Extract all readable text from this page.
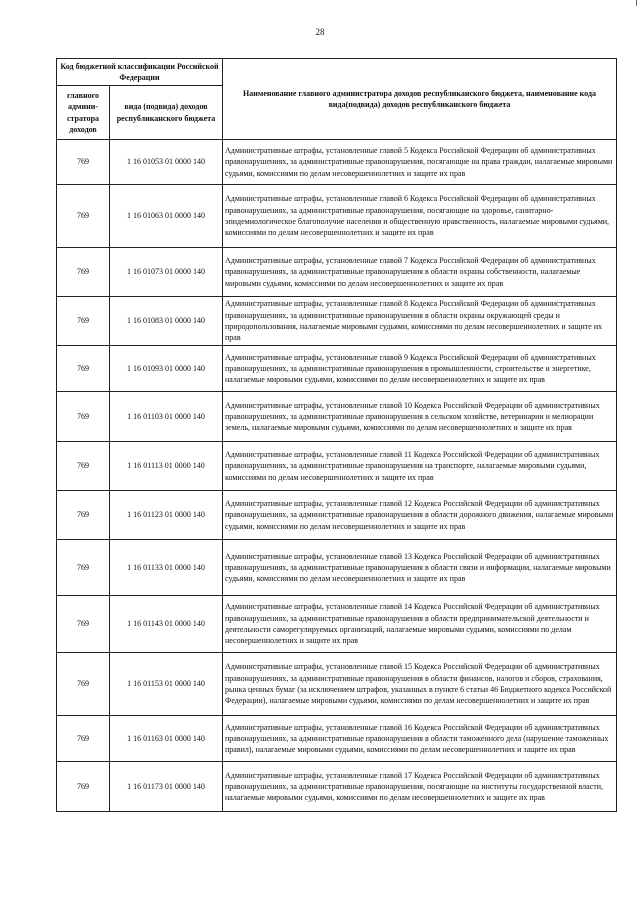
28
Код бюджетной классификации Российской Федерации		Наименование главного администратора доходов республиканского бюджета, наименование кода вида(подвида) доходов республиканского бюджета
главного админи-стратора доходов	вида (подвида) доходов республиканского бюджета	
769	1 16 01053 01 0000 140	Административные штрафы, установленные главой 5 Кодекса Российской Федерации об административных правонарушениях, за административные правонарушения, посягающие на права граждан, налагаемые мировыми судьями, комиссиями по делам несовершеннолетних и защите их прав
769	1 16 01063 01 0000 140	Административные штрафы, установленные главой 6 Кодекса Российской Федерации об административных правонарушениях, за административные правонарушения, посягающие на здоровье, санитарно-эпидемиологическое благополучие населения и общественную нравственность, налагаемые мировыми судьями, комиссиями по делам несовершеннолетних и защите их прав
769	1 16 01073 01 0000 140	Административные штрафы, установленные главой 7 Кодекса Российской Федерации об административных правонарушениях, за административные правонарушения в области охраны собственности, налагаемые мировыми судьями, комиссиями по делам несовершеннолетних и защите их прав
769	1 16 01083 01 0000 140	Административные штрафы, установленные главой 8 Кодекса Российской Федерации об административных правонарушениях, за административные правонарушения в области охраны окружающей среды и природопользования, налагаемые мировыми судьями, комиссиями по делам несовершеннолетних и защите их прав
769	1 16 01093 01 0000 140	Административные штрафы, установленные главой 9 Кодекса Российской Федерации об административных правонарушениях, за административные правонарушения в промышленности, строительстве и энергетике, налагаемые мировыми судьями, комиссиями по делам несовершеннолетних и защите их прав
769	1 16 01103 01 0000 140	Административные штрафы, установленные главой 10 Кодекса Российской Федерации об административных правонарушениях, за административные правонарушения в сельском хозяйстве, ветеринарии и мелиорации земель, налагаемые мировыми судьями, комиссиями по делам несовершеннолетних и защите их прав
769	1 16 01113 01 0000 140	Административные штрафы, установленные главой 11 Кодекса Российской Федерации об административных правонарушениях, за административные правонарушения на транспорте, налагаемые мировыми судьями, комиссиями по делам несовершеннолетних и защите их прав
769	1 16 01123 01 0000 140	Административные штрафы, установленные главой 12 Кодекса Российской Федерации об административных правонарушениях, за административные правонарушения в области дорожного движения, налагаемые мировыми судьями, комиссиями по делам несовершеннолетних и защите их прав
769	1 16 01133 01 0000 140	Административные штрафы, установленные главой 13 Кодекса Российской Федерации об административных правонарушениях, за административные правонарушения в области связи и информации, налагаемые мировыми судьями, комиссиями по делам несовершеннолетних и защите их прав
769	1 16 01143 01 0000 140	Административные штрафы, установленные главой 14 Кодекса Российской Федерации об административных правонарушениях, за административные правонарушения в области предпринимательской деятельности и деятельности саморегулируемых организаций, налагаемые мировыми судьями, комиссиями по делам несовершеннолетних и защите их прав
769	1 16 01153 01 0000 140	Административные штрафы, установленные главой 15 Кодекса Российской Федерации об административных правонарушениях, за административные правонарушения в области финансов, налогов и сборов, страхования, рынка ценных бумаг (за исключением штрафов, указанных в пункте 6 статьи 46 Бюджетного кодекса Российской Федерации), налагаемые мировыми судьями, комиссиями по делам несовершеннолетних и защите их прав
769	1 16 01163 01 0000 140	Административные штрафы, установленные главой 16 Кодекса Российской Федерации об административных правонарушениях, за административные правонарушения в области таможенного дела (нарушение таможенных правил), налагаемые мировыми судьями, комиссиями по делам несовершеннолетних и защите их прав
769	1 16 01173 01 0000 140	Административные штрафы, установленные главой 17 Кодекса Российской Федерации об административных правонарушениях, за административные правонарушения, посягающие на институты государственной власти, налагаемые мировыми судьями, комиссиями по делам несовершеннолетних и защите их прав
